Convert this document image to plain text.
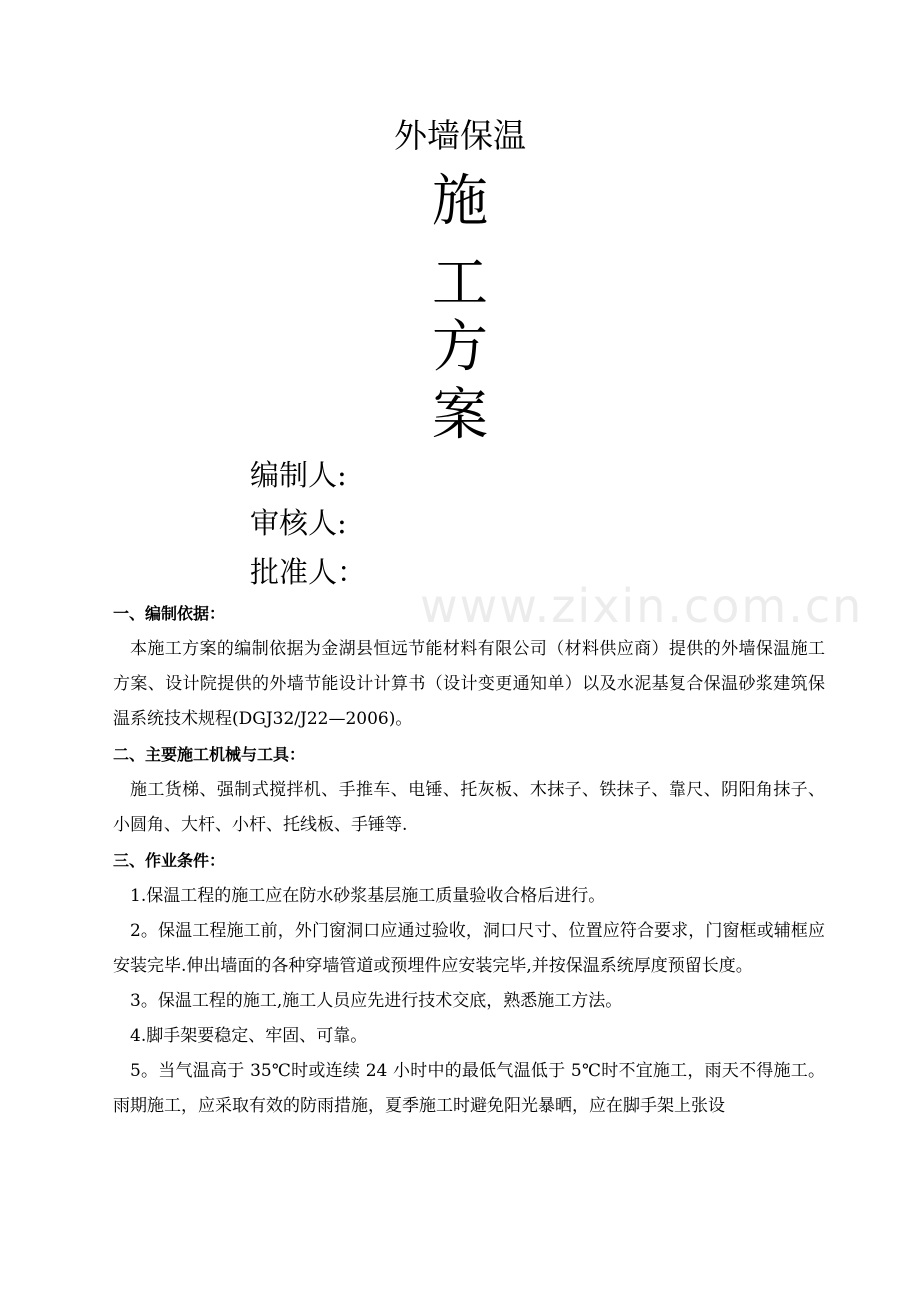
外墙保温
施
工
方
案
编制人:
审核人:
批准人：
www.zixin.com.cn

一、编制依据：

本施工方案的编制依据为金湖县恒远节能材料有限公司（材料供应商）提供的外墙保温施工方案、设计院提供的外墙节能设计计算书（设计变更通知单）以及水泥基复合保温砂浆建筑保温系统技术规程(DGJ32/J22—2006)。

二、主要施工机械与工具：

施工货梯、强制式搅拌机、手推车、电锤、托灰板、木抹子、铁抹子、靠尺、阴阳角抹子、小圆角、大杆、小杆、托线板、手锤等.

三、作业条件：

1.保温工程的施工应在防水砂浆基层施工质量验收合格后进行。

2。保温工程施工前，外门窗洞口应通过验收，洞口尺寸、位置应符合要求，门窗框或辅框应安装完毕.伸出墙面的各种穿墙管道或预埋件应安装完毕,并按保温系统厚度预留长度。

3。保温工程的施工,施工人员应先进行技术交底，熟悉施工方法。

4.脚手架要稳定、牢固、可靠。

5。当气温高于 35℃时或连续 24 小时中的最低气温低于 5℃时不宜施工，雨天不得施工。雨期施工，应采取有效的防雨措施，夏季施工时避免阳光暴晒，应在脚手架上张设
